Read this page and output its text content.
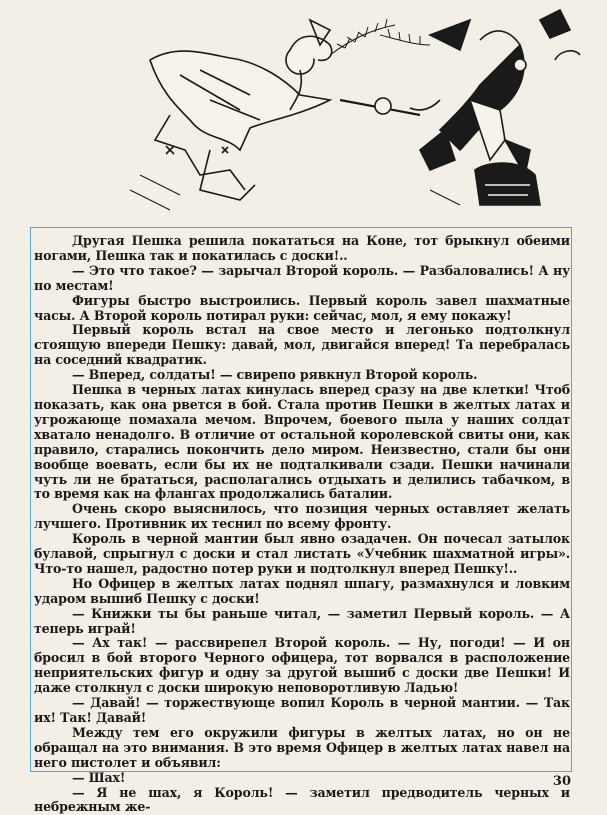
Другая Пешка решила покататься на Коне, тот брыкнул обеими ногами, Пешка так и покатилась с доски!..

— Это что такое? — зарычал Второй король. — Разбаловались! А ну по местам!

Фигуры быстро выстроились. Первый король завел шахматные часы. А Второй король потирал руки: сейчас, мол, я ему покажу!

Первый король встал на свое место и легонько подтолкнул стоящую впереди Пешку: давай, мол, двигайся вперед! Та перебралась на соседний квадратик.

— Вперед, солдаты! — свирепо рявкнул Второй король.

Пешка в черных латах кинулась вперед сразу на две клетки! Чтоб показать, как она рвется в бой. Стала против Пешки в желтых латах и угрожающе помахала мечом. Впрочем, боевого пыла у наших солдат хватало ненадолго. В отличие от остальной королевской свиты они, как правило, старались покончить дело миром. Неизвестно, стали бы они вообще воевать, если бы их не подталкивали сзади. Пешки начинали чуть ли не брататься, располагались отдыхать и делились табачком, в то время как на флангах продолжались баталии.

Очень скоро выяснилось, что позиция черных оставляет желать лучшего. Противник их теснил по всему фронту.

Король в черной мантии был явно озадачен. Он почесал затылок булавой, спрыгнул с доски и стал листать «Учебник шахматной игры». Что-то нашел, радостно потер руки и подтолкнул вперед Пешку!..

Но Офицер в желтых латах поднял шпагу, размахнулся и ловким ударом вышиб Пешку с доски!

— Книжки ты бы раньше читал, — заметил Первый король. — А теперь играй!

— Ах так! — рассвирепел Второй король. — Ну, погоди! — И он бросил в бой второго Черного офицера, тот ворвался в расположение неприятельских фигур и одну за другой вышиб с доски две Пешки! И даже столкнул с доски широкую неповоротливую Ладью!

— Давай! — торжествующе вопил Король в черной мантии. — Так их! Так! Давай!

Между тем его окружили фигуры в желтых латах, но он не обращал на это внимания. В это время Офицер в желтых латах навел на него пистолет и объявил:

— Шах!

— Я не шах, я Король! — заметил предводитель черных и небрежным же-

30
